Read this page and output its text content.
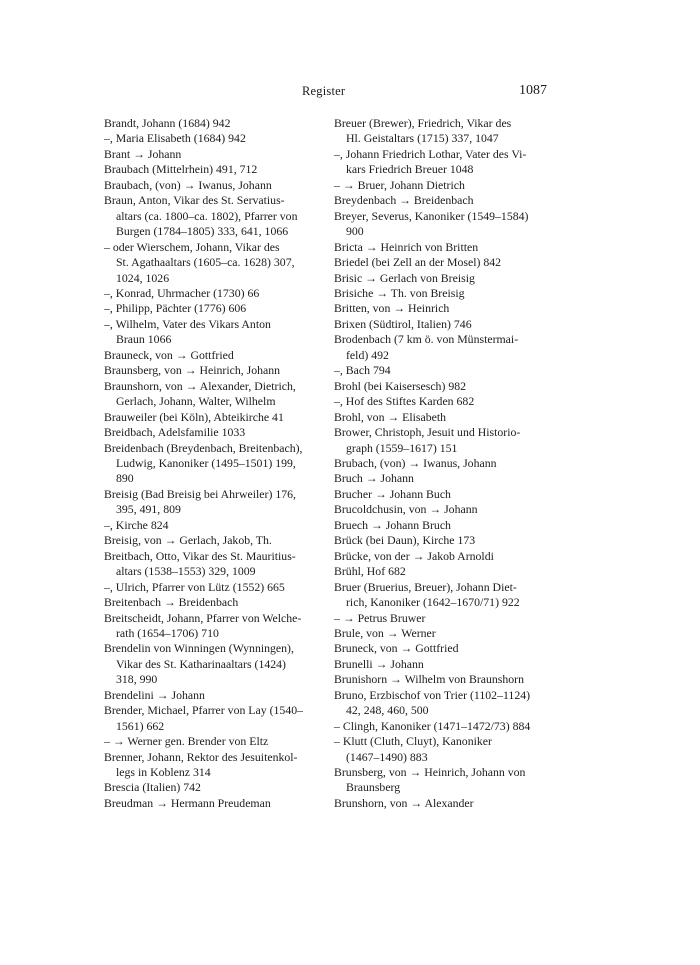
Register	1087

Brandt, Johann (1684) 942

–, Maria Elisabeth (1684) 942

Brant → Johann

Braubach (Mittelrhein) 491, 712

Braubach, (von) → Iwanus, Johann

Braun, Anton, Vikar des St. Servatius-
altars (ca. 1800–ca. 1802), Pfarrer von
Burgen (1784–1805) 333, 641, 1066

– oder Wierschem, Johann, Vikar des
St. Agathaaltars (1605–ca. 1628) 307,
1024, 1026

–, Konrad, Uhrmacher (1730) 66

–, Philipp, Pächter (1776) 606

–, Wilhelm, Vater des Vikars Anton
Braun 1066

Brauneck, von → Gottfried

Braunsberg, von → Heinrich, Johann

Braunshorn, von → Alexander, Dietrich,
Gerlach, Johann, Walter, Wilhelm

Brauweiler (bei Köln), Abteikirche 41

Breidbach, Adelsfamilie 1033

Breidenbach (Breydenbach, Breitenbach),
Ludwig, Kanoniker (1495–1501) 199,
890

Breisig (Bad Breisig bei Ahrweiler) 176,
395, 491, 809

–, Kirche 824

Breisig, von → Gerlach, Jakob, Th.

Breitbach, Otto, Vikar des St. Mauritius-
altars (1538–1553) 329, 1009

–, Ulrich, Pfarrer von Lütz (1552) 665

Breitenbach → Breidenbach

Breitscheidt, Johann, Pfarrer von Welche-
rath (1654–1706) 710

Brendelin von Winningen (Wynningen),
Vikar des St. Katharinaaltars (1424)
318, 990

Brendelini → Johann

Brender, Michael, Pfarrer von Lay (1540–
1561) 662

– → Werner gen. Brender von Eltz

Brenner, Johann, Rektor des Jesuitenkol-
legs in Koblenz 314

Brescia (Italien) 742

Breudman → Hermann Preudeman

Breuer (Brewer), Friedrich, Vikar des
Hl. Geistaltars (1715) 337, 1047

–, Johann Friedrich Lothar, Vater des Vi-
kars Friedrich Breuer 1048

– → Bruer, Johann Dietrich

Breydenbach → Breidenbach

Breyer, Severus, Kanoniker (1549–1584)
900

Bricta → Heinrich von Britten

Briedel (bei Zell an der Mosel) 842

Brisic → Gerlach von Breisig

Brisiche → Th. von Breisig

Britten, von → Heinrich

Brixen (Südtirol, Italien) 746

Brodenbach (7 km ö. von Münstermai-
feld) 492

–, Bach 794

Brohl (bei Kaisersesch) 982

–, Hof des Stiftes Karden 682

Brohl, von → Elisabeth

Brower, Christoph, Jesuit und Historio-
graph (1559–1617) 151

Brubach, (von) → Iwanus, Johann

Bruch → Johann

Brucher → Johann Buch

Brucoldchusin, von → Johann

Bruech → Johann Bruch

Brück (bei Daun), Kirche 173

Brücke, von der → Jakob Arnoldi

Brühl, Hof 682

Bruer (Bruerius, Breuer), Johann Diet-
rich, Kanoniker (1642–1670/71) 922

– → Petrus Bruwer

Brule, von → Werner

Bruneck, von → Gottfried

Brunelli → Johann

Brunishorn → Wilhelm von Braunshorn

Bruno, Erzbischof von Trier (1102–1124)
42, 248, 460, 500

– Clingh, Kanoniker (1471–1472/73) 884

– Klutt (Cluth, Cluyt), Kanoniker
(1467–1490) 883

Brunsberg, von → Heinrich, Johann von
Braunsberg

Brunshorn, von → Alexander
